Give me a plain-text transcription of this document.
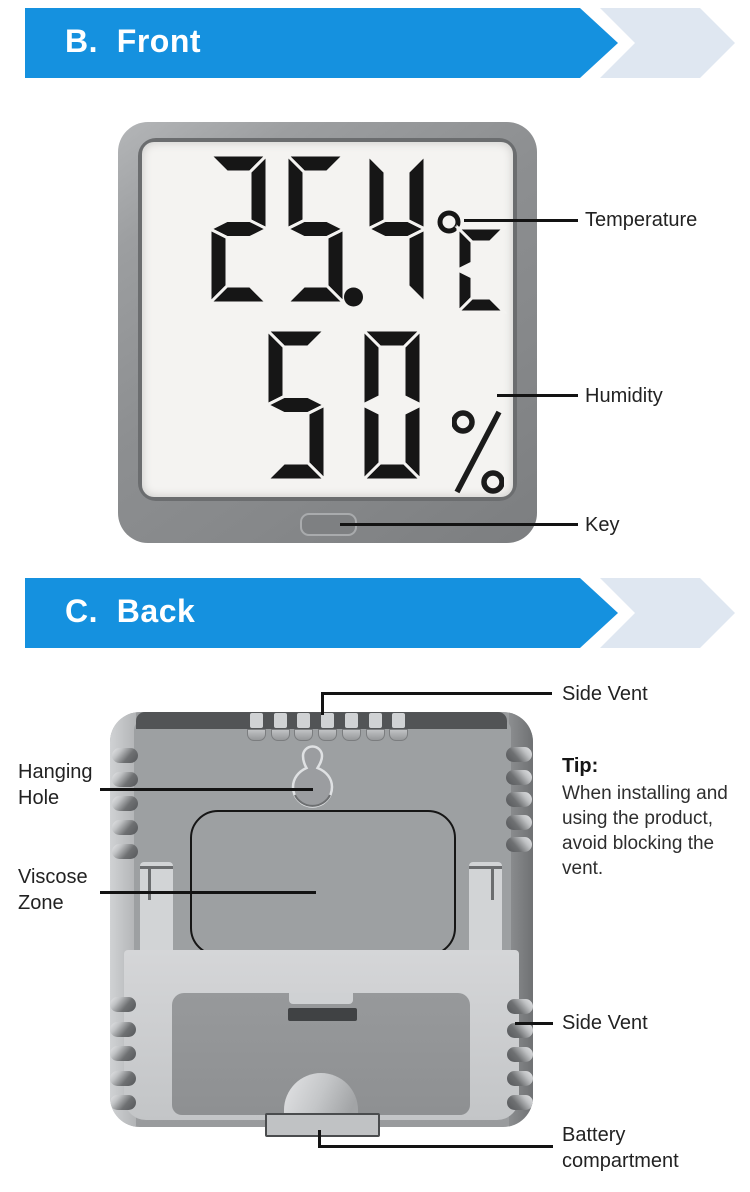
B.  Front
Temperature
Humidity
Key
C.  Back
Side Vent
Hanging Hole
Viscose Zone
Side Vent
Battery compartment
Tip:
When installing and using the product, avoid blocking the vent.
